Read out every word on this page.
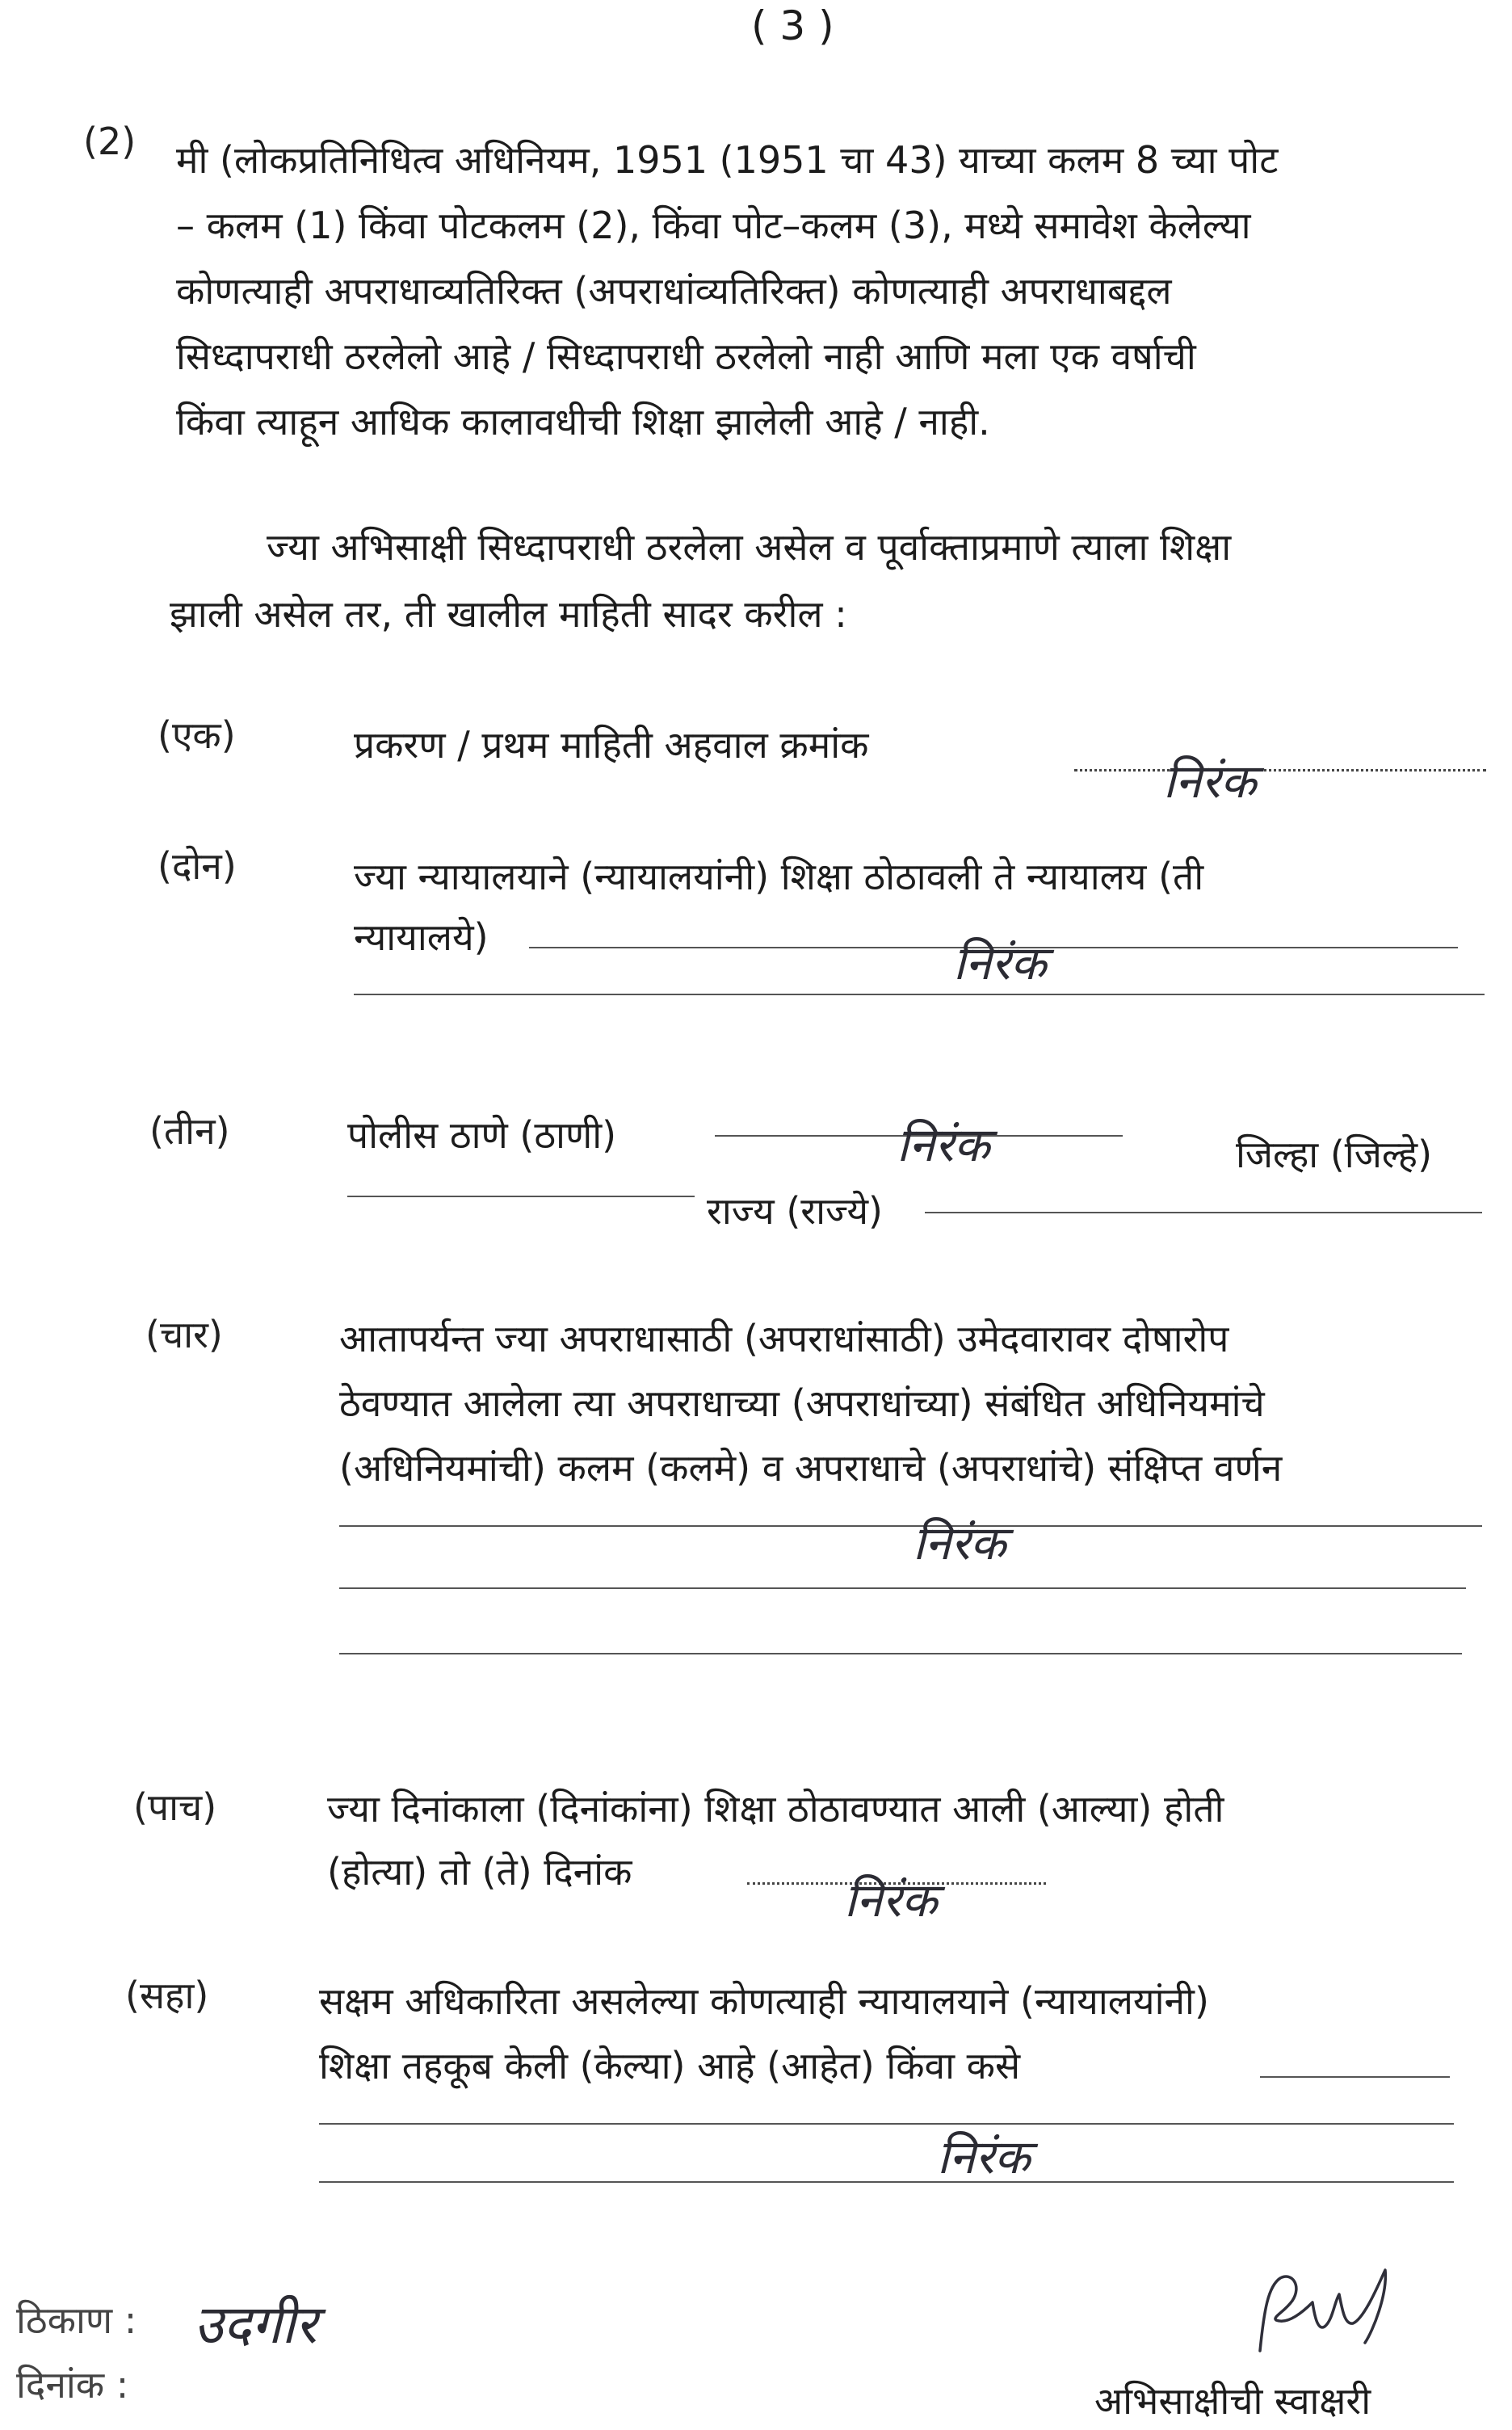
( 3 )
(2) मी (लोकप्रतिनिधित्व अधिनियम, 1951 (1951 चा 43) याच्या कलम 8 च्या पोट
– कलम (1) किंवा पोटकलम (2), किंवा पोट–कलम (3), मध्ये समावेश केलेल्या
कोणत्याही अपराधाव्यतिरिक्त (अपराधांव्यतिरिक्त) कोणत्याही अपराधाबद्दल
सिध्दापराधी ठरलेलो आहे / सिध्दापराधी ठरलेलो नाही आणि मला एक वर्षाची
किंवा त्याहून आधिक कालावधीची शिक्षा झालेली आहे / नाही.
ज्या अभिसाक्षी सिध्दापराधी ठरलेला असेल व पूर्वाक्ताप्रमाणे त्याला शिक्षा
झाली असेल तर, ती खालील माहिती सादर करील :
(एक)	प्रकरण / प्रथम माहिती अहवाल क्रमांक
निरंक
(दोन)	ज्या न्यायालयाने (न्यायालयांनी) शिक्षा ठोठावली ते न्यायालय (ती
न्यायालये)	निरंक
(तीन)	पोलीस ठाणे (ठाणी)	निरंक	जिल्हा (जिल्हे)
राज्य (राज्ये)
(चार)	आतापर्यन्त ज्या अपराधासाठी (अपराधांसाठी) उमेदवारावर दोषारोप
ठेवण्यात आलेला त्या अपराधाच्या (अपराधांच्या) संबंधित अधिनियमांचे
(अधिनियमांची) कलम (कलमे) व अपराधाचे (अपराधांचे) संक्षिप्त वर्णन
निरंक
(पाच)	ज्या दिनांकाला (दिनांकांना) शिक्षा ठोठावण्यात आली (आल्या) होती
(होत्या) तो (ते) दिनांक
निरंक
(सहा)	सक्षम अधिकारिता असलेल्या कोणत्याही न्यायालयाने (न्यायालयांनी)
शिक्षा तहकूब केली (केल्या) आहे (आहेत) किंवा कसे
निरंक
ठिकाण : उदगीर
दिनांक :	अभिसाक्षीची स्वाक्षरी
